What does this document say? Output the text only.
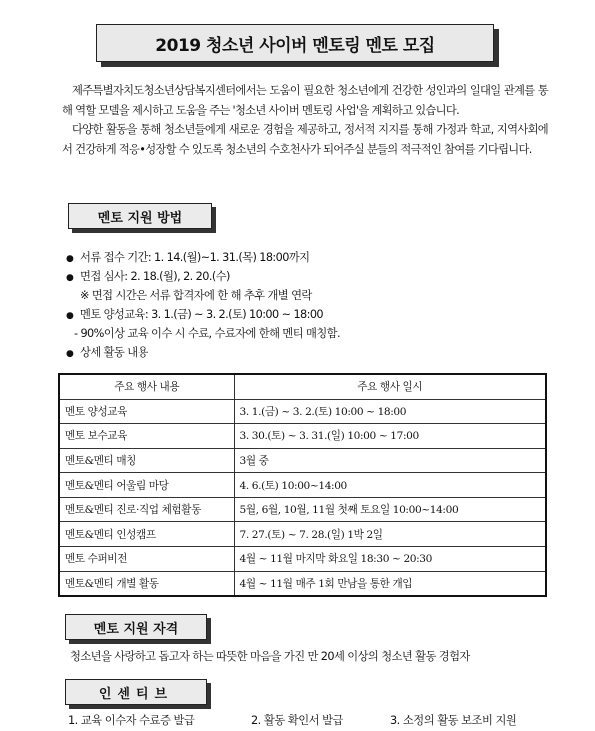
2019 청소년 사이버 멘토링 멘토 모집

제주특별자치도청소년상담복지센터에서는 도움이 필요한 청소년에게 건강한 성인과의 일대일 관계를 통해 역할 모델을 제시하고 도움을 주는 '청소년 사이버 멘토링 사업'을 계획하고 있습니다.

다양한 활동을 통해 청소년들에게 새로운 경험을 제공하고, 정서적 지지를 통해 가정과 학교, 지역사회에서 건강하게 적응•성장할 수 있도록 청소년의 수호천사가 되어주실 분들의 적극적인 참여를 기다립니다.

멘토 지원 방법
● 서류 접수 기간: 1. 14.(월)~1. 31.(목) 18:00까지
● 면접 심사: 2. 18.(월), 2. 20.(수)
※ 면접 시간은 서류 합격자에 한 해 추후 개별 연락
● 멘토 양성교육: 3. 1.(금) ~ 3. 2.(토) 10:00 ~ 18:00
- 90%이상 교육 이수 시 수료, 수료자에 한해 멘티 매칭함.
● 상세 활동 내용
주요 행사 내용	주요 행사 일시
멘토 양성교육	3. 1.(금) ~ 3. 2.(토) 10:00 ~ 18:00
멘토 보수교육	3. 30.(토) ~ 3. 31.(일) 10:00 ~ 17:00
멘토&멘티 매칭	3월 중
멘토&멘티 어울림 마당	4. 6.(토) 10:00~14:00
멘토&멘티 진로·직업 체험활동	5월, 6월, 10월, 11월 첫째 토요일 10:00~14:00
멘토&멘티 인성캠프	7. 27.(토) ~ 7. 28.(일) 1박 2일
멘토 수퍼비전	4월 ~ 11월 마지막 화요일 18:30 ~ 20:30
멘토&멘티 개별 활동	4월 ~ 11월 매주 1회 만남을 통한 개입
멘토 지원 자격
청소년을 사랑하고 돕고자 하는 따뜻한 마음을 가진 만 20세 이상의 청소년 활동 경험자
인센티브
1. 교육 이수자 수료증 발급	2. 활동 확인서 발급	3. 소정의 활동 보조비 지원
